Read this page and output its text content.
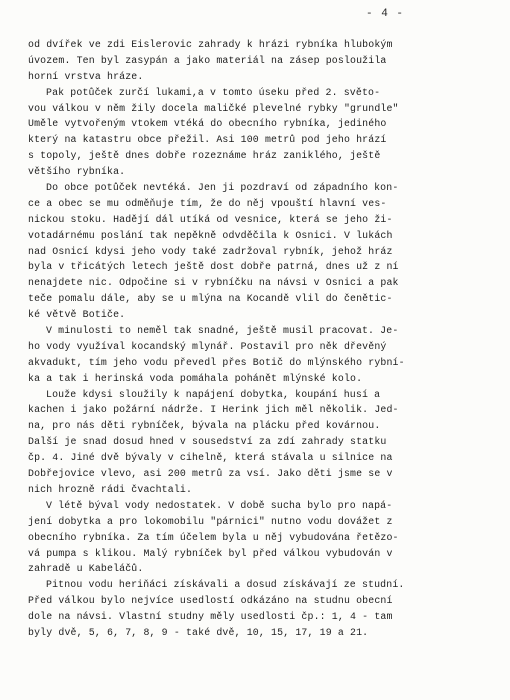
- 4 -
od dvířek ve zdi Eislerovic zahrady k hrázi rybníka hlubokým
úvozem. Ten byl zasypán a jako materiál na zásep posloužila
horní vrstva hráze.
Pak potůček zurčí lukami,a v tomto úseku před 2. světo-
vou válkou v něm žily docela maličké plevelné rybky "grundle"
Uměle vytvořeným vtokem vtéká do obecního rybníka, jediného
který na katastru obce přežil. Asi 100 metrů pod jeho hrází
s topoly, ještě dnes dobře rozeznáme hráz zaniklého, ještě
většího rybníka.
Do obce potůček nevtéká. Jen ji pozdraví od západního kon-
ce a obec se mu odměňuje tím, že do něj vpouští hlavní ves-
nickou stoku. Hadějí dál utíká od vesnice, která se jeho ži-
votadárnému poslání tak nepěkně odvděčila k Osnici. V lukách
nad Osnicí kdysi jeho vody také zadržoval rybník, jehož hráz
byla v třicátých letech ještě dost dobře patrná, dnes už z ní
nenajdete nic. Odpočine si v rybníčku na návsi v Osnici a pak
teče pomalu dále, aby se u mlýna na Kocandě vlil do čenětic-
ké větvě Botiče.
V minulosti to neměl tak snadné, ještě musil pracovat. Je-
ho vody využíval kocandský mlynář. Postavil pro něk dřevěný
akvadukt, tím jeho vodu převedl přes Botič do mlýnského rybní-
ka a tak i herinská voda pomáhala pohánět mlýnské kolo.
Louže kdysi sloužily k napájení dobytka, koupání husí a
kachen i jako požární nádrže. I Herink jich měl několik. Jed-
na, pro nás děti rybníček, bývala na plácku před kovárnou.
Další je snad dosud hned v sousedství za zdí zahrady statku
čp. 4. Jiné dvě bývaly v cihelně, která stávala u silnice na
Dobřejovice vlevo, asi 200 metrů za vsí. Jako děti jsme se v
nich hrozně rádi čvachtali.
V létě býval vody nedostatek. V době sucha bylo pro napá-
jení dobytka a pro lokomobilu "párnici" nutno vodu dovážet z
obecního rybníka. Za tím účelem byla u něj vybudována řetězo-
vá pumpa s klikou. Malý rybníček byl před válkou vybudován v
zahradě u Kabeláčů.
Pitnou vodu heriňáci získávali a dosud získávají ze studní.
Před válkou bylo nejvíce usedlostí odkázáno na studnu obecní
dole na návsi. Vlastní studny měly usedlosti čp.: 1, 4 - tam
byly dvě, 5, 6, 7, 8, 9 - také dvě, 10, 15, 17, 19 a 21.
